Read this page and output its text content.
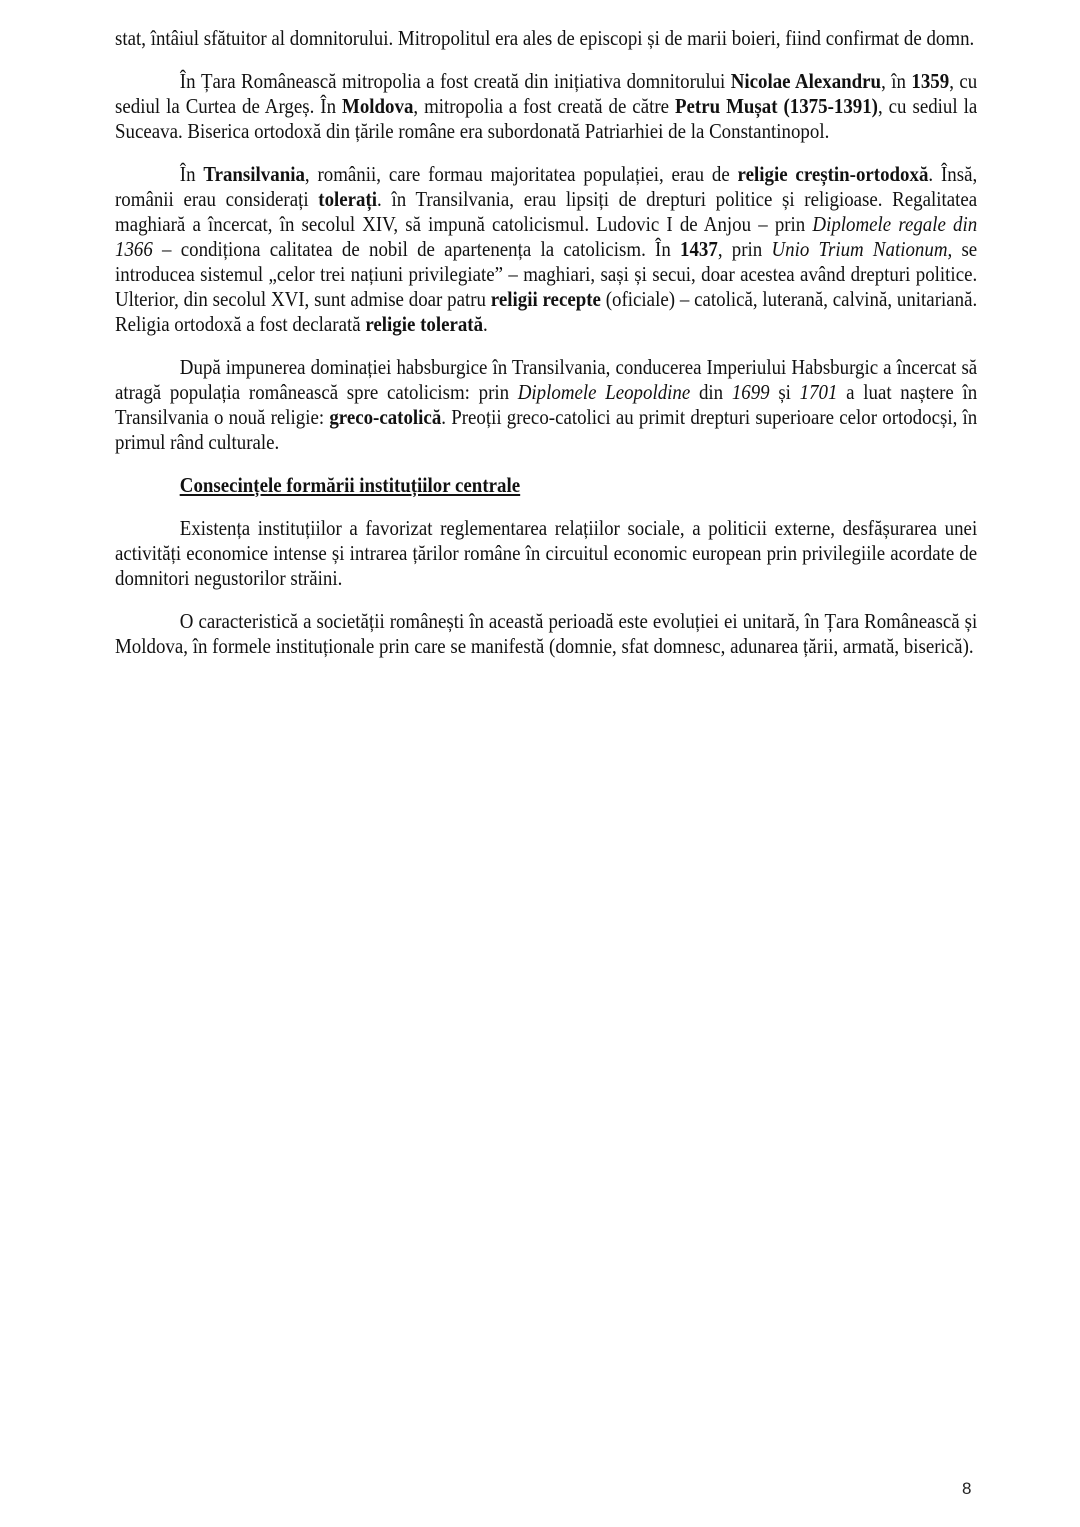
stat, întâiul sfătuitor al domnitorului. Mitropolitul era ales de episcopi și de marii boieri, fiind confirmat de domn.

În Țara Românească mitropolia a fost creată din inițiativa domnitorului Nicolae Alexandru, în 1359, cu sediul la Curtea de Argeș. În Moldova, mitropolia a fost creată de către Petru Mușat (1375-1391), cu sediul la Suceava. Biserica ortodoxă din țările române era subordonată Patriarhiei de la Constantinopol.

În Transilvania, românii, care formau majoritatea populației, erau de religie creștin-ortodoxă. Însă, românii erau considerați tolerați. în Transilvania, erau lipsiți de drepturi politice și religioase. Regalitatea maghiară a încercat, în secolul XIV, să impună catolicismul. Ludovic I de Anjou – prin Diplomele regale din 1366 – condiționa calitatea de nobil de apartenența la catolicism. În 1437, prin Unio Trium Nationum, se introducea sistemul „celor trei națiuni privilegiate” – maghiari, sași și secui, doar acestea având drepturi politice. Ulterior, din secolul XVI, sunt admise doar patru religii recepte (oficiale) – catolică, luterană, calvină, unitariană. Religia ortodoxă a fost declarată religie tolerată.

După impunerea dominației habsburgice în Transilvania, conducerea Imperiului Habsburgic a încercat să atragă populația românească spre catolicism: prin Diplomele Leopoldine din 1699 și 1701 a luat naștere în Transilvania o nouă religie: greco-catolică. Preoții greco-catolici au primit drepturi superioare celor ortodocși, în primul rând culturale.

Consecințele formării instituțiilor centrale

Existența instituțiilor a favorizat reglementarea relațiilor sociale, a politicii externe, desfășurarea unei activități economice intense și intrarea țărilor române în circuitul economic european prin privilegiile acordate de domnitori negustorilor străini.

O caracteristică a societății românești în această perioadă este evoluției ei unitară, în Țara Românească și Moldova, în formele instituționale prin care se manifestă (domnie, sfat domnesc, adunarea țării, armată, biserică).

8
